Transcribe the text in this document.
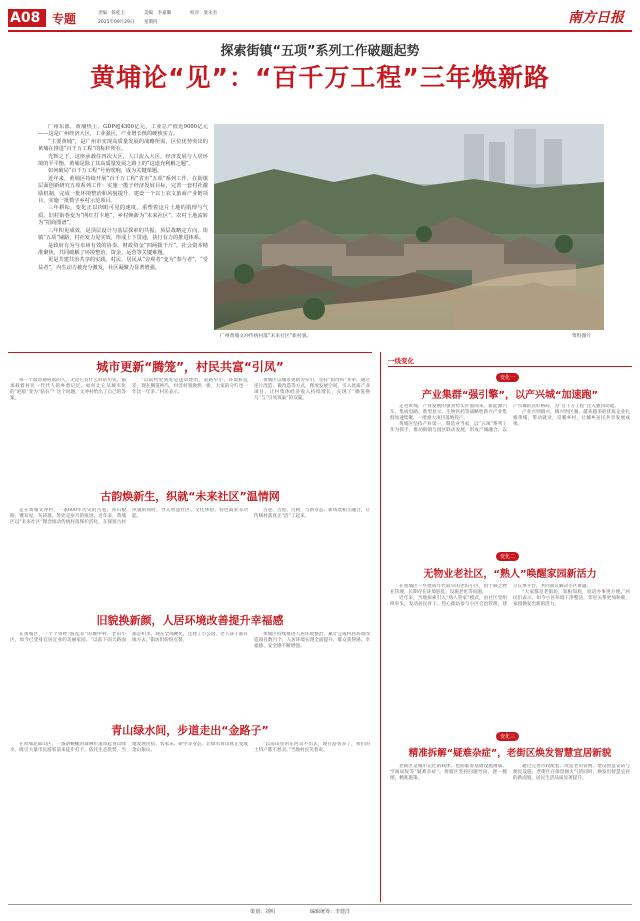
A08 专题	责编：陈桂玉	美编：李嘉璐	校对：梁永杰
2025年09月29日 星期四	南方日报
探索街镇“五项”系列工作破题起势
黄埔论“见”：“百千万工程”三年焕新路

广州东部，黄埔热土。GDP超4300亿元，工业总产值近9000亿元——这是广州经济大区，工业强区，产业增长核的硬核实力。

“主要黄埔”，是广州市实现高质量发展的战略所需，区位优势突出的黄埔在推进“百千万工程”的标杆所在。

光辉之下，这座承载住四次大区，人口流入大区，经济发展与人居环境的平平衡，黄埔是除了其高质量发展之路上的“这道充利解之题”。

如何破局“百千万工程”号角吹响，成为关键课题。

近年来，黄埔区持续开展“百千万工程”省市“五项”系列工作，在街镇层面创新研究五项系列工作：实施一揽子经济发展目标，完善一套村社激励机制，完成一批环境整治和风貌提升，建设一个以上农文旅商产业链项目，实施一批数字乡村示范项目。

三年耕耘，变化正以肉眼可见的速度。重塑着这片土地的肌理与气质。旧村街巷变为“网红打卡地”，乡村焕新为“未来社区”，农村土地流转为“招商图谱”。

三年积见成效，是顶层设计与基层探索的共振。顶层战略定方向，街镇“五项”铺路，村社发力见实效，形成上下贯通，执行有力的推进体系。

是政府有为与市场有效的协奏。财政资金“四两拨千斤”，社会资本精准聚焦，共同破解了环境整治、资金、运营等关键难题。

更是共建共治共享的实践。村民、居民从“旁观者”变为“参与者”，“受益者”，内生动力被充分激发，社区凝聚力显著增强。

广州黄埔文冲传统村落“未来社区”新村貌。	资料图片
城市更新“腾笼”，村民共富“引凤”

每一个最普通村落的人，无论它有什么样的历史，都承载着村民一代代人的乡愁记忆。如何让它从城市化的“疤痕”变为“钻石”？这个问题，文冲村给出了自己的答案。

“以前村里到处是违章建筑，道路窄小，环境脏乱差，现在腾笼换鸟，村容村貌焕然一新，大家的分红也一年比一年多。”村民表示。

黄埔区以城市更新为牵引，坚持“留改拆”并举，通过连片改造、微改造等方式，释放发展空间，引入优质产业项目，让村集体经济收入持续增长，实现了“腾笼换鸟”与“引凤筑巢”的双赢。

古韵焕新生，织就“未来社区”温情网

走在黄埔文冲村，一条600年历史的古巷，青石板路，镬耳屋，灰砖墙，处处是岁月的痕迹。近年来，黄埔区以“未来社区”理念推动传统村落保护活化，在保留古村风貌的同时，导入智慧社区、文化体验、特色商业等功能。

古巷、古屋、古树，与新业态、新场景相互融合，让传统村落真正“活”了起来。

旧貌换新颜，人居环境改善提升幸福感

在黄埔区，一个个曾经“脏乱差”的城中村、老旧小区，如今已变身宜居宜业的美丽家园。“以前下雨天路面都是积水，现在全部硬化，还建了小公园，老人孩子都有地方去。”街坊们纷纷点赞。

黄埔区持续推进人居环境整治，累计完成村居环境改造项目数百个，人居环境实现全面提升，群众获得感、幸福感、安全感不断增强。

青山绿水间，步道走出“金路子”

在黄埔北部山区，一条条蜿蜒的森林步道串起青山绿水，吸引大量市民游客前来徒步打卡。依托生态优势，当地发展民宿、农家乐、研学等业态，让绿水青山真正变成金山银山。

“以前山里的东西卖不出去，现在游客多了，我们的土特产都不愁卖。”当地村民笑着说。

一线变化
变化一
产业集群“强引擎”，以产兴城“加速跑”

走进黄埔，产业发展的强劲势头扑面而来。新能源汽车、集成电路、新型显示、生物医药等战略性新兴产业集群加速集聚，一批重大项目落地投产。

黄埔区坚持产业第一、制造业当家，以“五项”系列工作为抓手，推动街镇与园区联动发展，形成产城融合、以产兴城的良好格局，为“百千万工程”注入强劲动能。

产业兴则镇兴，镇兴则区强。越来越多的优质企业扎根黄埔，带动就业，反哺乡村，让城乡居民共享发展成果。

变化二
无物业老社区，“熟人”唤醒家园新活力

在黄埔区一些建成年代较早的老旧小区，由于缺乏物业管理，长期存在环境脏乱、设施老化等问题。

近年来，当地探索引入“熟人管家”模式，由社区党组织牵头，发动居民骨干、热心街坊参与小区自治管理，建立议事平台，共同商议解决小区难题。

“大家都是老街坊，知根知底，说话办事更方便。”居民们表示，如今小区环境干净整洁，邻里关系更加和睦，家园焕发出新的活力。

变化三
精准拆解“疑难杂症”，老街区焕发智慧宜居新貌

老街区是城市记忆的载体，也面临着基础设施薄弱、空间局促等“疑难杂症”。黄埔区坚持问题导向，逐一梳理、精准施策。

通过完善市政配套、改造老旧管网、增设智慧安防与便民设施，老街区在保留烟火气的同时，焕发出智慧宜居的新面貌，居民生活品质显著提升。

策划：刘明	编辑统筹：李建洋
